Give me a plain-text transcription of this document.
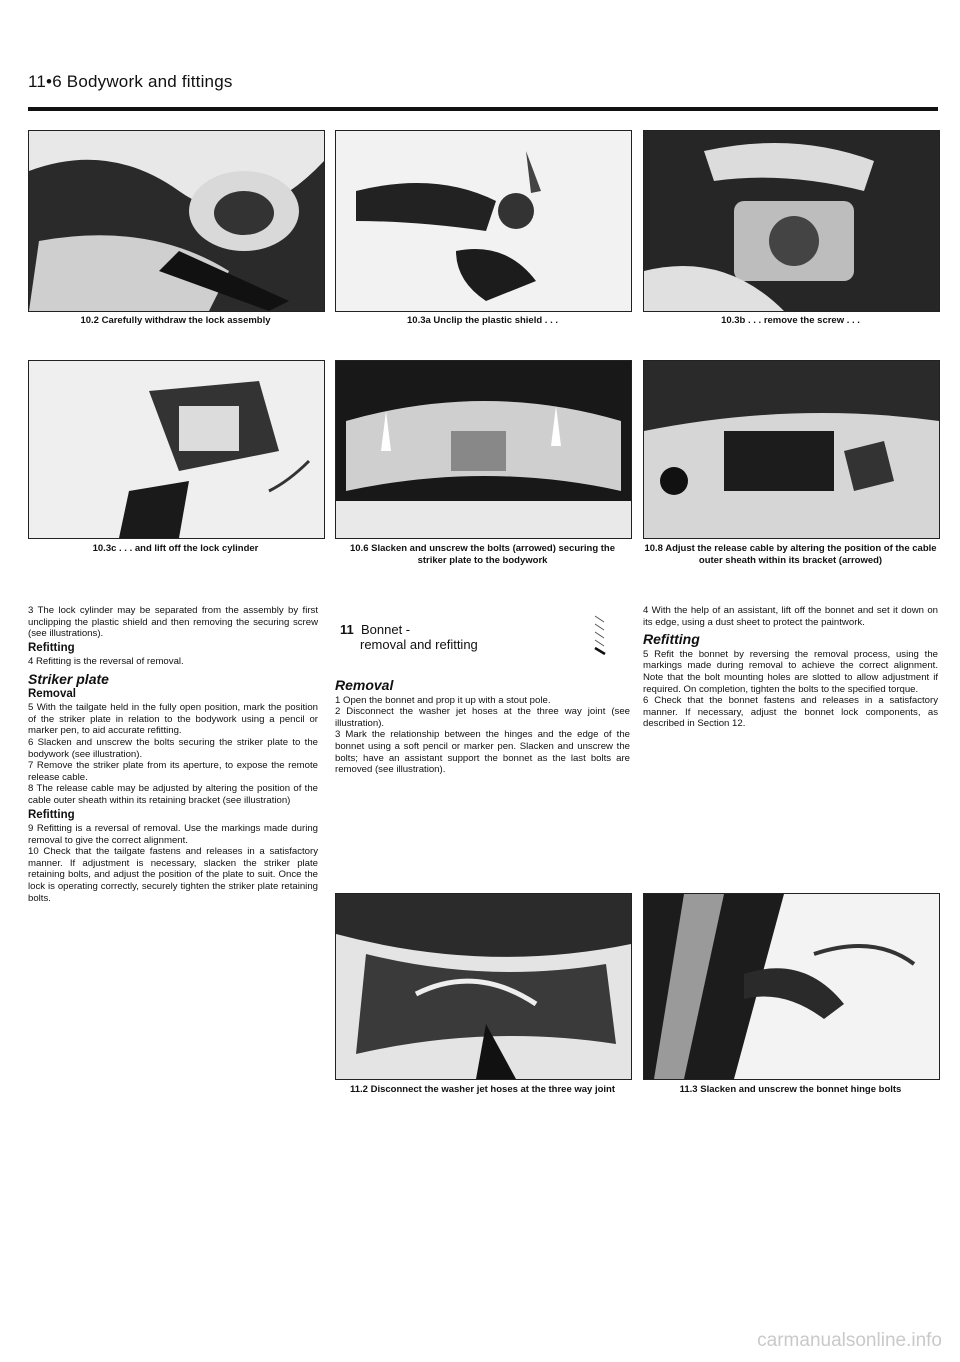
11•6 Bodywork and fittings
10.2 Carefully withdraw the lock assembly	10.3a Unclip the plastic shield . . .	10.3b . . . remove the screw . . .
10.3c . . . and lift off the lock cylinder	10.6 Slacken and unscrew the bolts (arrowed) securing the striker plate to the bodywork
10.8 Adjust the release cable by altering the position of the cable outer sheath within its bracket (arrowed)

3 The lock cylinder may be separated from the assembly by first unclipping the plastic shield and then removing the securing screw (see illustrations).

Refitting

4 Refitting is the reversal of removal.

Striker plate
Removal

5 With the tailgate held in the fully open position, mark the position of the striker plate in relation to the bodywork using a pencil or marker pen, to aid accurate refitting.

6 Slacken and unscrew the bolts securing the striker plate to the bodywork (see illustration).

7 Remove the striker plate from its aperture, to expose the remote release cable.

8 The release cable may be adjusted by altering the position of the cable outer sheath within its retaining bracket (see illustration)

Refitting

9 Refitting is a reversal of removal. Use the markings made during removal to give the correct alignment.

10 Check that the tailgate fastens and releases in a satisfactory manner. If adjustment is necessary, slacken the striker plate retaining bolts, and adjust the position of the plate to suit. Once the lock is operating correctly, securely tighten the striker plate retaining bolts.

11 Bonnet -
removal and refitting
Removal

1 Open the bonnet and prop it up with a stout pole.

2 Disconnect the washer jet hoses at the three way joint (see illustration).

3 Mark the relationship between the hinges and the edge of the bonnet using a soft pencil or marker pen. Slacken and unscrew the bolts; have an assistant support the bonnet as the last bolts are removed (see illustration).

4 With the help of an assistant, lift off the bonnet and set it down on its edge, using a dust sheet to protect the paintwork.

Refitting

5 Refit the bonnet by reversing the removal process, using the markings made during removal to achieve the correct alignment. Note that the bolt mounting holes are slotted to allow adjustment if required. On completion, tighten the bolts to the specified torque.

6 Check that the bonnet fastens and releases in a satisfactory manner. If necessary, adjust the bonnet lock components, as described in Section 12.

11.2 Disconnect the washer jet hoses at the three way joint	11.3 Slacken and unscrew the bonnet hinge bolts
carmanualsonline.info
